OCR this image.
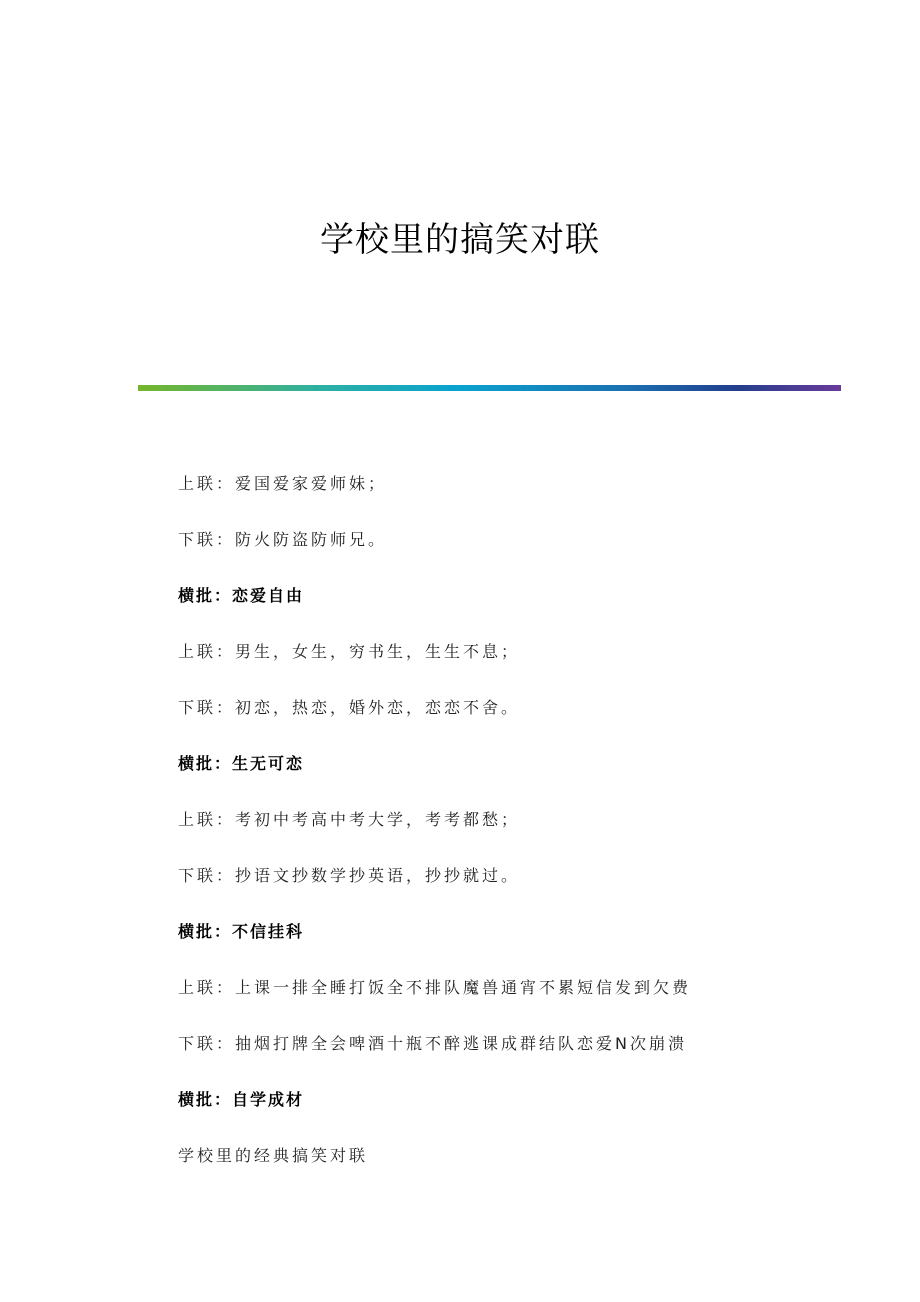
学校里的搞笑对联
上联：爱国爱家爱师妹；
下联：防火防盗防师兄。
横批：恋爱自由
上联：男生，女生，穷书生，生生不息；
下联：初恋，热恋，婚外恋，恋恋不舍。
横批：生无可恋
上联：考初中考高中考大学，考考都愁；
下联：抄语文抄数学抄英语，抄抄就过。
横批：不信挂科
上联：上课一排全睡打饭全不排队魔兽通宵不累短信发到欠费
下联：抽烟打牌全会啤酒十瓶不醉逃课成群结队恋爱N次崩溃
横批：自学成材
学校里的经典搞笑对联
